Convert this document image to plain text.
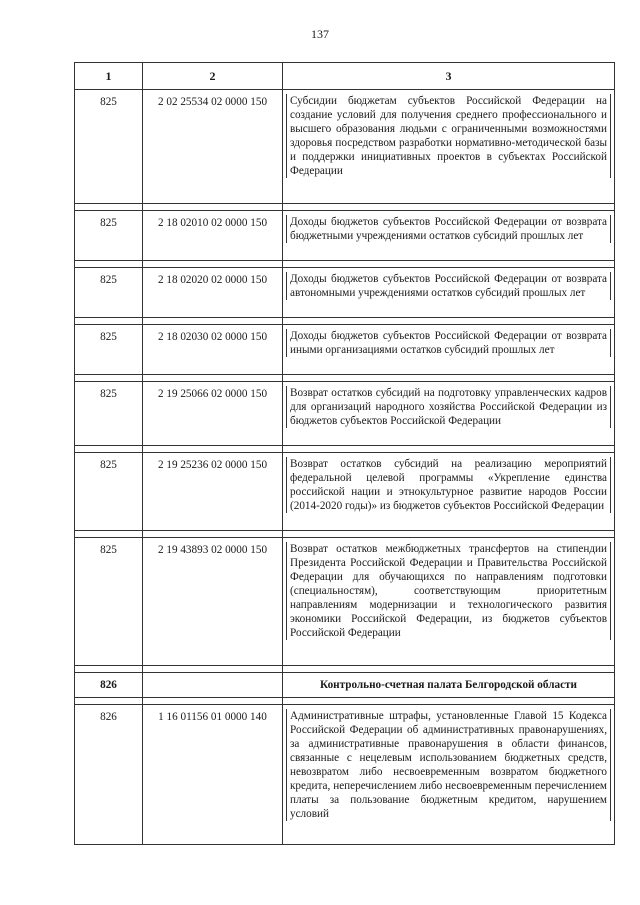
137
1	2	3
825	2 02 25534 02 0000 150	Субсидии бюджетам субъектов Российской Федерации на создание условий для получения среднего профессионального и высшего образования людьми с ограниченными возможностями здоровья посредством разработки нормативно-методической базы и поддержки инициативных проектов в субъектах Российской Федерации

825	2 18 02010 02 0000 150	Доходы бюджетов субъектов Российской Федерации от возврата бюджетными учреждениями остатков субсидий прошлых лет

825	2 18 02020 02 0000 150	Доходы бюджетов субъектов Российской Федерации от возврата автономными учреждениями остатков субсидий прошлых лет

825	2 18 02030 02 0000 150	Доходы бюджетов субъектов Российской Федерации от возврата иными организациями остатков субсидий прошлых лет

825	2 19 25066 02 0000 150	Возврат остатков субсидий на подготовку управленческих кадров для организаций народного хозяйства Российской Федерации из бюджетов субъектов Российской Федерации

825	2 19 25236 02 0000 150	Возврат остатков субсидий на реализацию мероприятий федеральной целевой программы «Укрепление единства российской нации и этнокультурное развитие народов России (2014-2020 годы)» из бюджетов субъектов Российской Федерации

825	2 19 43893 02 0000 150	Возврат остатков межбюджетных трансфертов на стипендии Президента Российской Федерации и Правительства Российской Федерации для обучающихся по направлениям подготовки (специальностям), соответствующим приоритетным направлениям модернизации и технологического развития экономики Российской Федерации, из бюджетов субъектов Российской Федерации

826		Контрольно-счетная палата Белгородской области

826	1 16 01156 01 0000 140	Административные штрафы, установленные Главой 15 Кодекса Российской Федерации об административных правонарушениях, за административные правонарушения в области финансов, связанные с нецелевым использованием бюджетных средств, невозвратом либо несвоевременным возвратом бюджетного кредита, неперечислением либо несвоевременным перечислением платы за пользование бюджетным кредитом, нарушением условий
